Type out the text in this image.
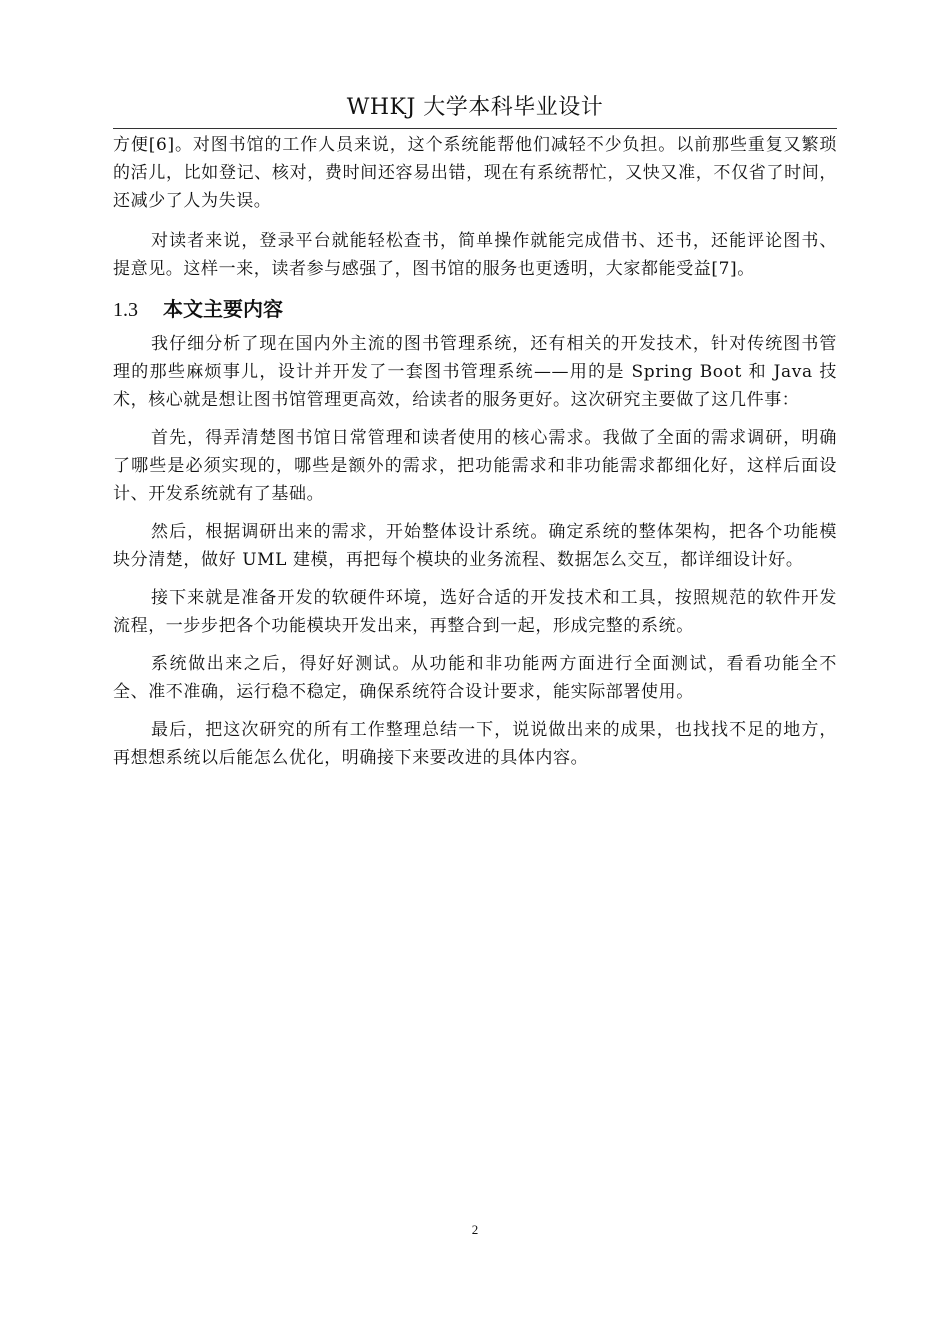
WHKJ 大学本科毕业设计

方便[6]。对图书馆的工作人员来说，这个系统能帮他们减轻不少负担。以前那些重复又繁琐的活儿，比如登记、核对，费时间还容易出错，现在有系统帮忙，又快又准，不仅省了时间，还减少了人为失误。

对读者来说，登录平台就能轻松查书，简单操作就能完成借书、还书，还能评论图书、提意见。这样一来，读者参与感强了，图书馆的服务也更透明，大家都能受益[7]。

1.3	本文主要内容

我仔细分析了现在国内外主流的图书管理系统，还有相关的开发技术，针对传统图书管理的那些麻烦事儿，设计并开发了一套图书管理系统——用的是 Spring Boot 和 Java 技术，核心就是想让图书馆管理更高效，给读者的服务更好。这次研究主要做了这几件事：

首先，得弄清楚图书馆日常管理和读者使用的核心需求。我做了全面的需求调研，明确了哪些是必须实现的，哪些是额外的需求，把功能需求和非功能需求都细化好，这样后面设计、开发系统就有了基础。

然后，根据调研出来的需求，开始整体设计系统。确定系统的整体架构，把各个功能模块分清楚，做好 UML 建模，再把每个模块的业务流程、数据怎么交互，都详细设计好。

接下来就是准备开发的软硬件环境，选好合适的开发技术和工具，按照规范的软件开发流程，一步步把各个功能模块开发出来，再整合到一起，形成完整的系统。

系统做出来之后，得好好测试。从功能和非功能两方面进行全面测试，看看功能全不全、准不准确，运行稳不稳定，确保系统符合设计要求，能实际部署使用。

最后，把这次研究的所有工作整理总结一下，说说做出来的成果，也找找不足的地方，再想想系统以后能怎么优化，明确接下来要改进的具体内容。

2
